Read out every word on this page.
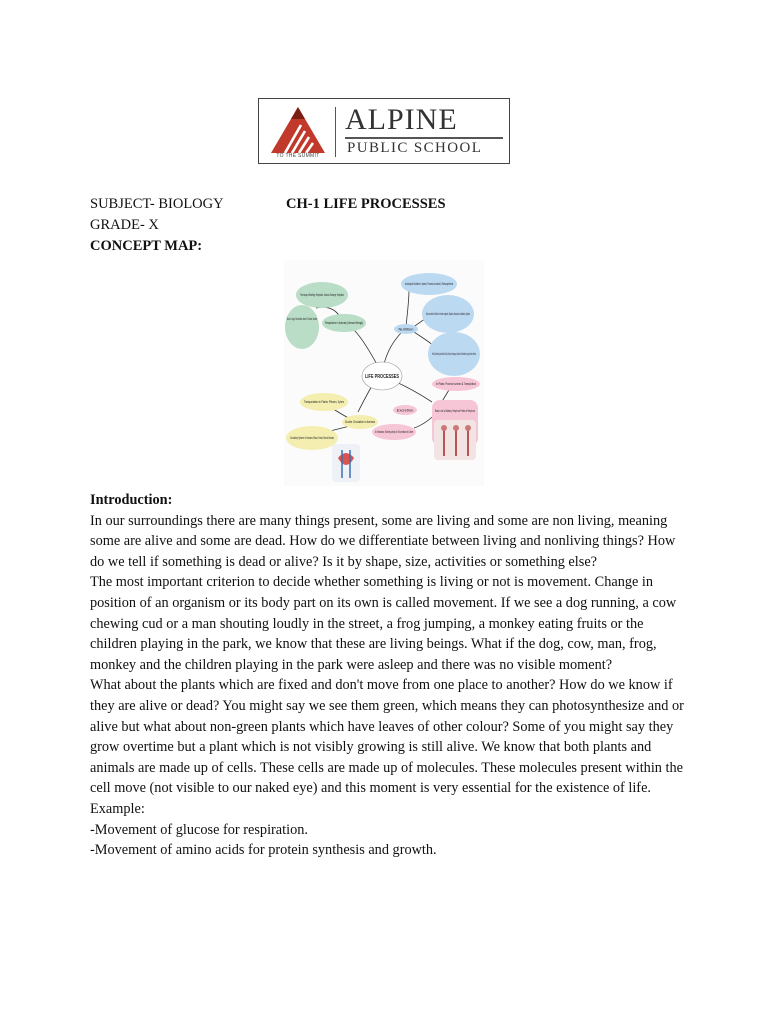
TO THE SUMMIT
ALPINE
PUBLIC SCHOOL
SUBJECT- BIOLOGY	CH-1 LIFE PROCESSES
GRADE- X
CONCEPT MAP:
Mouth, Lungs, Bronchioles, Alveoli, Trachea, Nostrils
Three ways of Breathing: Respiration, Gaseous Exchange, Respiration
Respiration in Animals (Human Beings)
Autotrophic Nutrition in plants, Process Involved & Photosynthesis
Steps involved in Nutrition in Animals: Ingestion, Digestion, Absorption, Assimilation, Egestion
Nutrition
Parts of Alimentary Canal: Mouth Cavity, Pharynx, Oesophagus, Stomach, Small Intestine, Large Intestine, Rectum
LIFE PROCESSES
In Plants: Process Involved & Transpiration
Excretion	Basic unit of kidney: Nephron Parts of Nephron
In Humans: Kidneys help in Excretion of Urine
Transportation in Plants: Phloem, Xylem
Double Circulation in Animals
Circulatory System in Humans: Blood, Heart, Blood Vessels

Introduction:

In our surroundings there are many things present, some are living and some are non living, meaning some are alive and some are dead. How do we differentiate between living and nonliving things? How do we tell if something is dead or alive? Is it by shape, size, activities or something else?

The most important criterion to decide whether something is living or not is movement. Change in position of an organism or its body part on its own is called movement. If we see a dog running, a cow chewing cud or a man shouting loudly in the street, a frog jumping, a monkey eating fruits or the children playing in the park, we know that these are living beings. What if the dog, cow, man, frog, monkey and the children playing in the park were asleep and there was no visible moment?

What about the plants which are fixed and don't move from one place to another? How do we know if they are alive or dead? You might say we see them green, which means they can photosynthesize and or alive but what about non-green plants which have leaves of other colour? Some of you might say they grow overtime but a plant which is not visibly growing is still alive. We know that both plants and animals are made up of cells. These cells are made up of molecules. These molecules present within the cell move (not visible to our naked eye) and this moment is very essential for the existence of life.

Example:

-Movement of glucose for respiration.

-Movement of amino acids for protein synthesis and growth.
